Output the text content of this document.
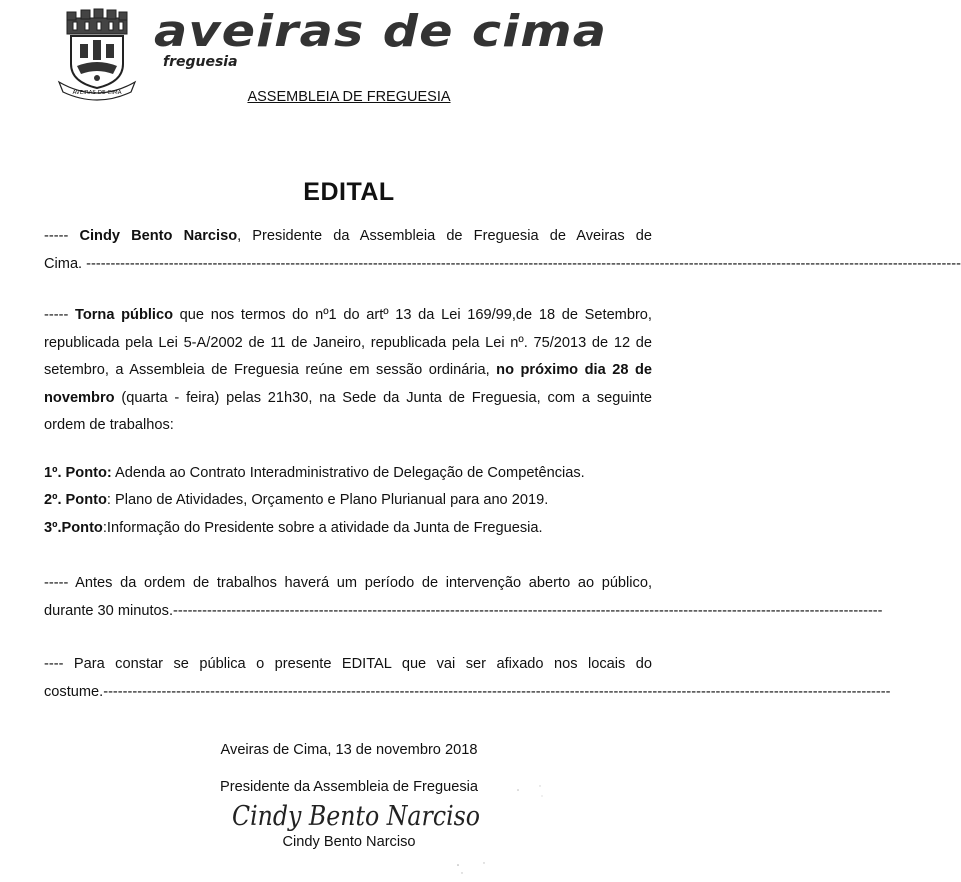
AVEIRAS DE CIMA
aveiras de cima
freguesia
ASSEMBLEIA DE FREGUESIA
EDITAL
----- Cindy Bento Narciso, Presidente da Assembleia de Freguesia de Aveiras de
Cima. ------------------------------------------------------------------------------------------------------------------------------------------------------------------------------------

----- Torna público que nos termos do nº1 do artº 13 da Lei 169/99,de 18 de Setembro, republicada pela Lei 5-A/2002 de 11 de Janeiro, republicada pela Lei nº. 75/2013 de 12 de setembro, a Assembleia de Freguesia reúne em sessão ordinária, no próximo dia 28 de novembro (quarta - feira) pelas 21h30, na Sede da Junta de Freguesia, com a seguinte ordem de trabalhos:

1º. Ponto: Adenda ao Contrato Interadministrativo de Delegação de Competências.
2º. Ponto: Plano de Atividades, Orçamento e Plano Plurianual para ano 2019.
3º.Ponto:Informação do Presidente sobre a atividade da Junta de Freguesia.
----- Antes da ordem de trabalhos haverá um período de intervenção aberto ao público,
durante 30 minutos.--------------------------------------------------------------------------------------------------------------------------------------------------
---- Para constar se pública o presente EDITAL que vai ser afixado nos locais do
costume.------------------------------------------------------------------------------------------------------------------------------------------------------------------
Aveiras de Cima, 13 de novembro 2018
Presidente da Assembleia de Freguesia
Cindy Bento Narciso
Cindy Bento Narciso
